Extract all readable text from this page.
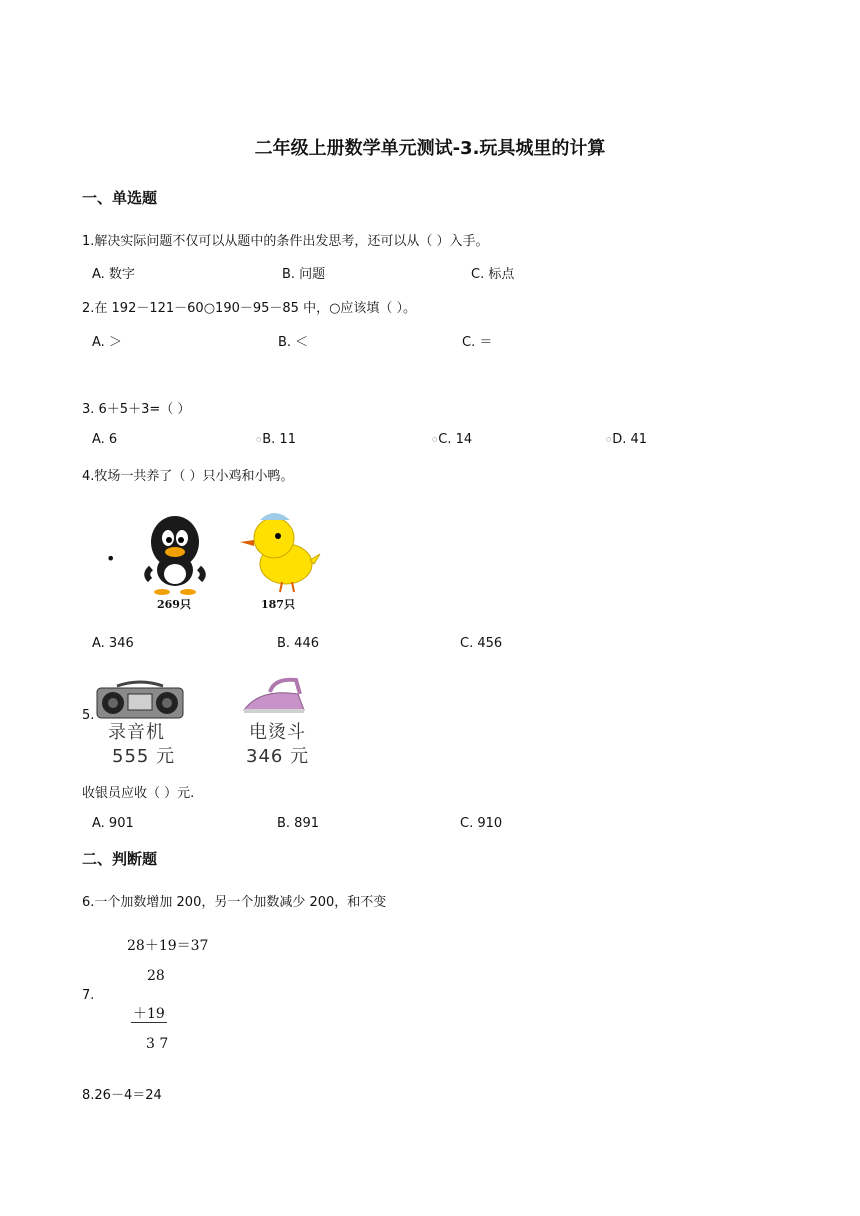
二年级上册数学单元测试-3.玩具城里的计算
一、单选题
1.解决实际问题不仅可以从题中的条件出发思考，还可以从（ ）入手。
A. 数字	B. 问题	C. 标点
2.在 192－121－60○190－95－85 中，○应该填（ ）。
A. ＞	B. ＜	C. ＝
3. 6＋5＋3=（ ）
A. 6	○B. 11	○C. 14	○D. 41
4.牧场一共养了（ ）只小鸡和小鸭。
•
269只	187只
A. 346	B. 446	C. 456
5.
录音机
555 元
电烫斗
346 元
收银员应收（ ）元.
A. 901	B. 891	C. 910
二、判断题
6.一个加数增加 200，另一个加数减少 200，和不变
28＋19＝37
28
7.
＋19
3 7
8.26－4＝24
